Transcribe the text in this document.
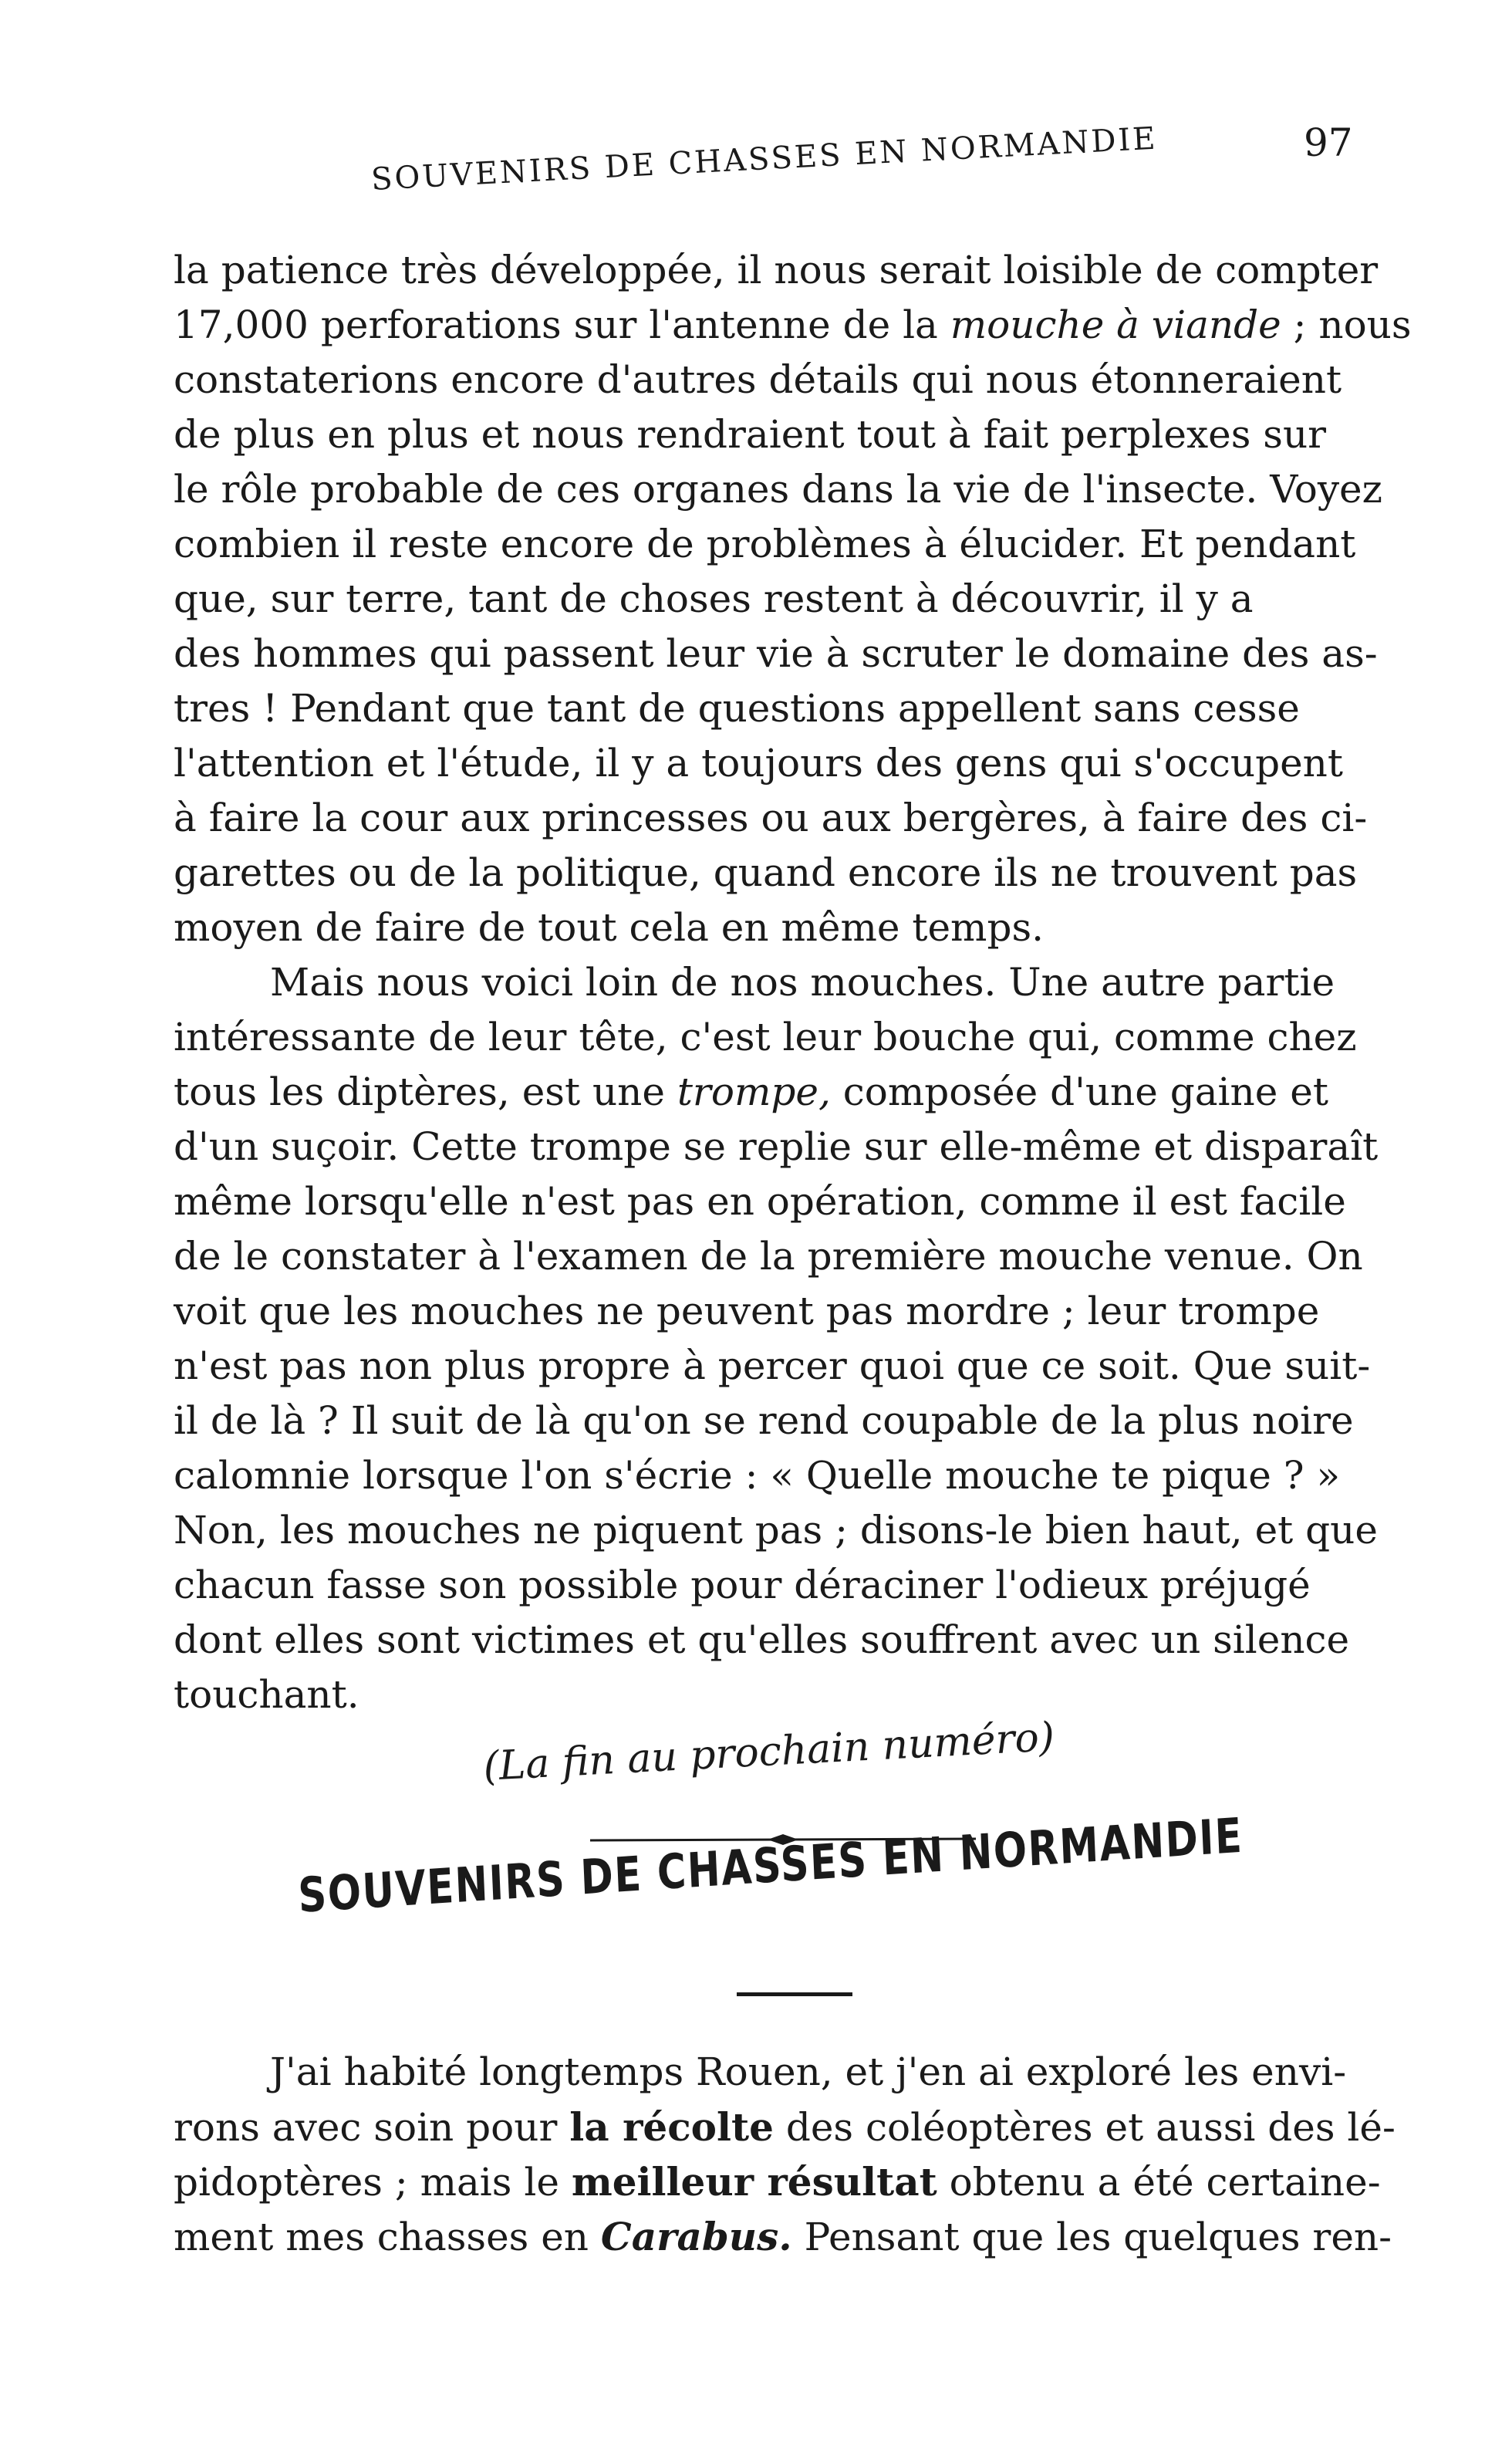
SOUVENIRS DE CHASSES EN NORMANDIE	97
la patience très développée, il nous serait loisible de compter
17,000 perforations sur l'antenne de la mouche à viande ; nous
constaterions encore d'autres détails qui nous étonneraient
de plus en plus et nous rendraient tout à fait perplexes sur
le rôle probable de ces organes dans la vie de l'insecte. Voyez
combien il reste encore de problèmes à élucider. Et pendant
que, sur terre, tant de choses restent à découvrir, il y a
des hommes qui passent leur vie à scruter le domaine des as-
tres ! Pendant que tant de questions appellent sans cesse
l'attention et l'étude, il y a toujours des gens qui s'occupent
à faire la cour aux princesses ou aux bergères, à faire des ci-
garettes ou de la politique, quand encore ils ne trouvent pas
moyen de faire de tout cela en même temps.
Mais nous voici loin de nos mouches. Une autre partie
intéressante de leur tête, c'est leur bouche qui, comme chez
tous les diptères, est une trompe, composée d'une gaine et
d'un suçoir. Cette trompe se replie sur elle-même et disparaît
même lorsqu'elle n'est pas en opération, comme il est facile
de le constater à l'examen de la première mouche venue. On
voit que les mouches ne peuvent pas mordre ; leur trompe
n'est pas non plus propre à percer quoi que ce soit. Que suit-
il de là ? Il suit de là qu'on se rend coupable de la plus noire
calomnie lorsque l'on s'écrie : « Quelle mouche te pique ? »
Non, les mouches ne piquent pas ; disons-le bien haut, et que
chacun fasse son possible pour déraciner l'odieux préjugé
dont elles sont victimes et qu'elles souffrent avec un silence
touchant.
(La fin au prochain numéro)
SOUVENIRS DE CHASSES EN NORMANDIE
J'ai habité longtemps Rouen, et j'en ai exploré les envi-
rons avec soin pour la récolte des coléoptères et aussi des lé-
pidoptères ; mais le meilleur résultat obtenu a été certaine-
ment mes chasses en Carabus. Pensant que les quelques ren-
